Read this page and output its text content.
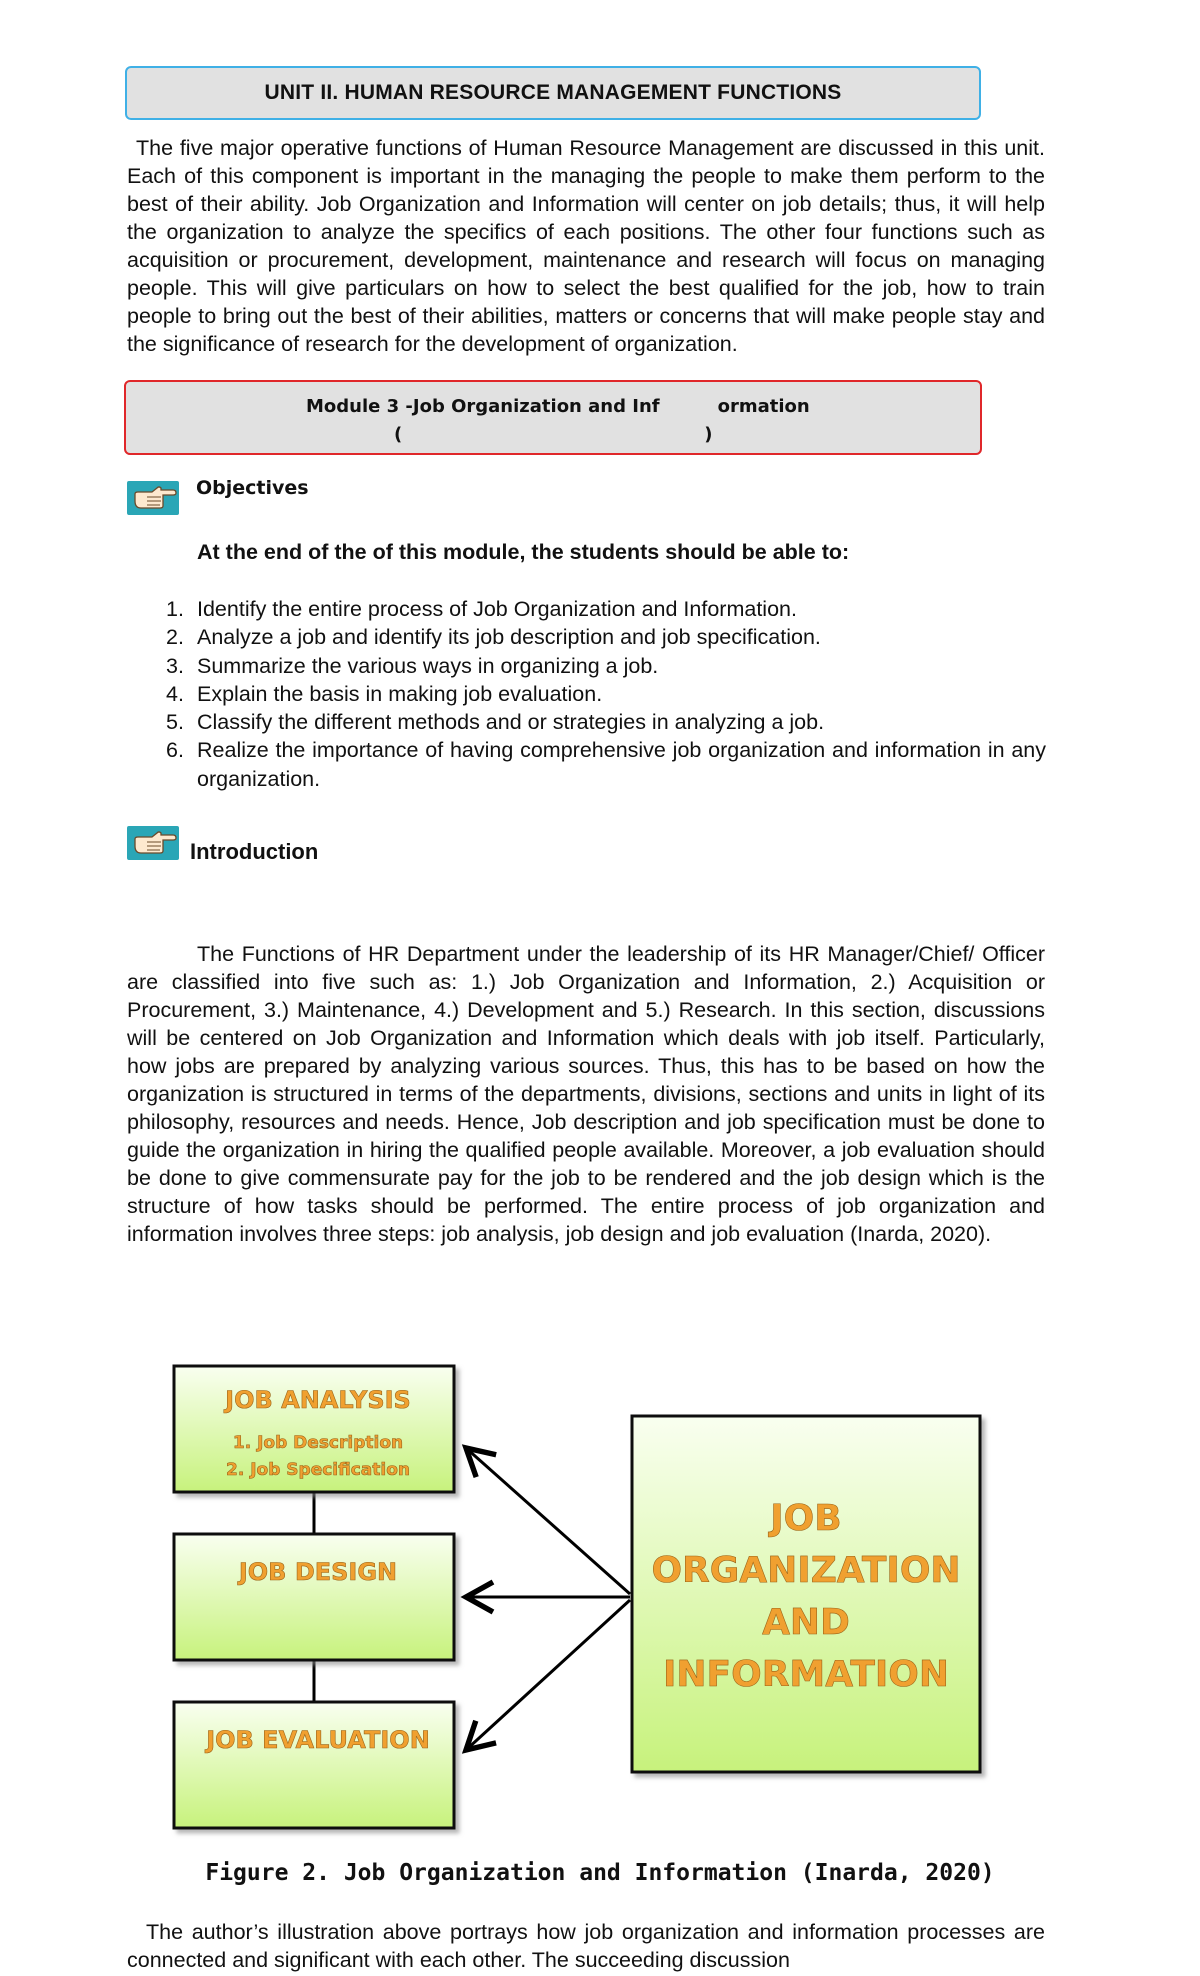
UNIT II. HUMAN RESOURCE MANAGEMENT FUNCTIONS

The five major operative functions of Human Resource Management are discussed in this unit. Each of this component is important in the managing the people to make them perform to the best of their ability. Job Organization and Information will center on job details; thus, it will help the organization to analyze the specifics of each positions. The other four functions such as acquisition or procurement, development, maintenance and research will focus on managing people. This will give particulars on how to select the best qualified for the job, how to train people to bring out the best of their abilities, matters or concerns that will make people stay and the significance of research for the development of organization.

Module 3 -Job Organization and Inf	ormation
(	)
Objectives
At the end of the of this module, the students should be able to:
1. Identify the entire process of Job Organization and Information.
2. Analyze a job and identify its job description and job specification.
3. Summarize the various ways in organizing a job.
4. Explain the basis in making job evaluation.
5. Classify the different methods and or strategies in analyzing a job.
6. Realize the importance of having comprehensive job organization and information in any organization.
Introduction

The Functions of HR Department under the leadership of its HR Manager/Chief/ Officer are classified into five such as: 1.) Job Organization and Information, 2.) Acquisition or Procurement, 3.) Maintenance, 4.) Development and 5.) Research. In this section, discussions will be centered on Job Organization and Information which deals with job itself. Particularly, how jobs are prepared by analyzing various sources. Thus, this has to be based on how the organization is structured in terms of the departments, divisions, sections and units in light of its philosophy, resources and needs. Hence, Job description and job specification must be done to guide the organization in hiring the qualified people available. Moreover, a job evaluation should be done to give commensurate pay for the job to be rendered and the job design which is the structure of how tasks should be performed. The entire process of job organization and information involves three steps: job analysis, job design and job evaluation (Inarda, 2020).

JOB ANALYSIS
1. Job Description
2. Job Specification
JOB DESIGN
JOB EVALUATION
JOB
ORGANIZATION
AND
INFORMATION
Figure 2. Job Organization and Information (Inarda, 2020)

The author’s illustration above portrays how job organization and information processes are connected and significant with each other. The succeeding discussion
